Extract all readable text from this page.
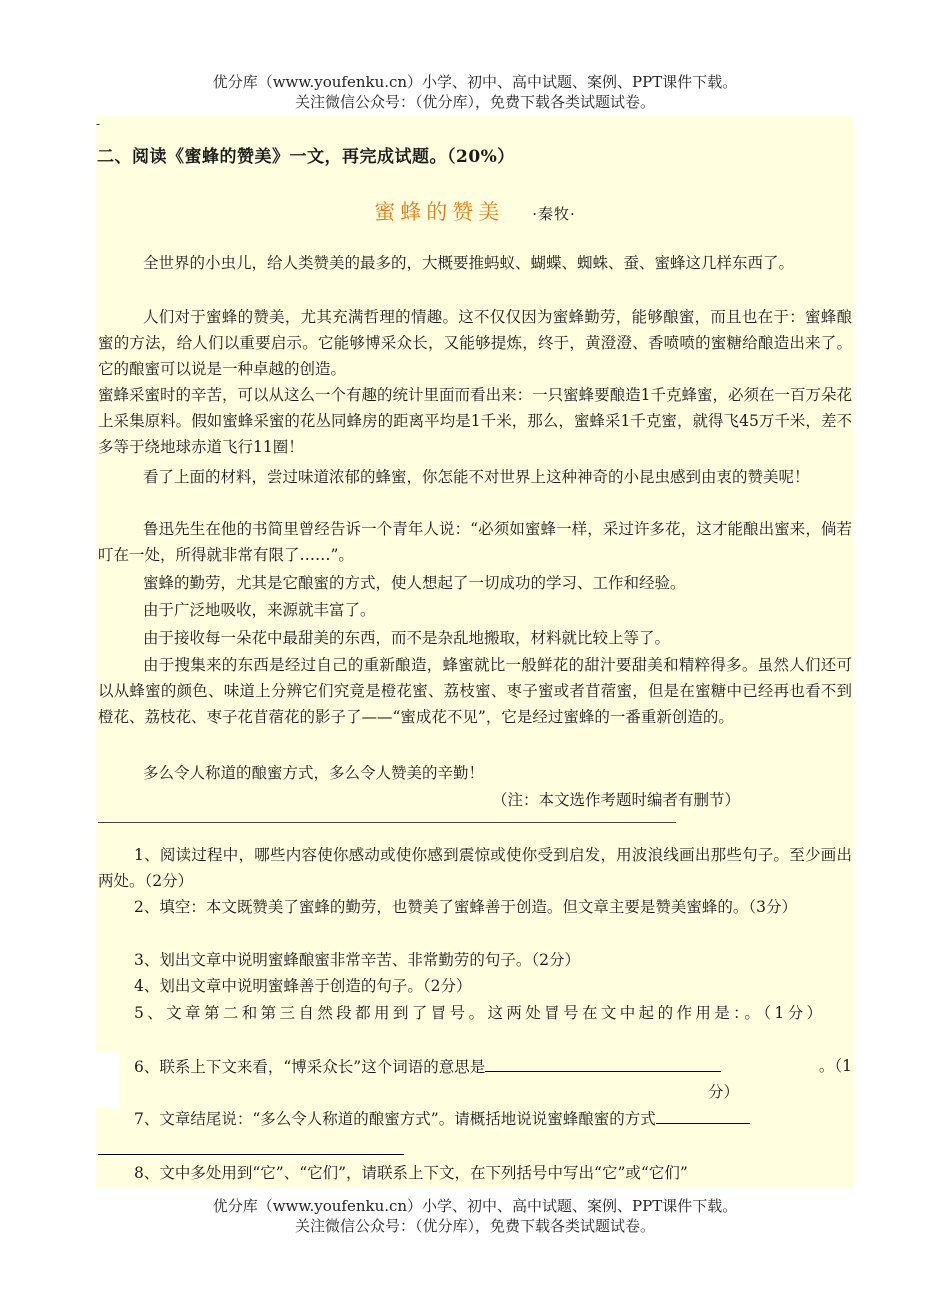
优分库（www.youfenku.cn）小学、初中、高中试题、案例、PPT课件下载。
关注微信公众号：（优分库），免费下载各类试题试卷。
-
二、阅读《蜜蜂的赞美》一文，再完成试题。（20%）
蜜蜂的赞美 ·秦牧·
全世界的小虫儿，给人类赞美的最多的，大概要推蚂蚁、蝴蝶、蜘蛛、蚕、蜜蜂这几样东西了。
人们对于蜜蜂的赞美，尤其充满哲理的情趣。这不仅仅因为蜜蜂勤劳，能够酿蜜，而且也在于：蜜蜂酿蜜的方法，给人们以重要启示。它能够博采众长，又能够提炼，终于，黄澄澄、香喷喷的蜜糖给酿造出来了。它的酿蜜可以说是一种卓越的创造。
蜜蜂采蜜时的辛苦，可以从这么一个有趣的统计里面而看出来：一只蜜蜂要酿造1千克蜂蜜，必须在一百万朵花上采集原料。假如蜜蜂采蜜的花丛同蜂房的距离平均是1千米，那么，蜜蜂采1千克蜜，就得飞45万千米，差不多等于绕地球赤道飞行11圈！
看了上面的材料，尝过味道浓郁的蜂蜜，你怎能不对世界上这种神奇的小昆虫感到由衷的赞美呢！
鲁迅先生在他的书简里曾经告诉一个青年人说：“必须如蜜蜂一样，采过许多花，这才能酿出蜜来，倘若叮在一处，所得就非常有限了……”。
蜜蜂的勤劳，尤其是它酿蜜的方式，使人想起了一切成功的学习、工作和经验。
由于广泛地吸收，来源就丰富了。
由于接收每一朵花中最甜美的东西，而不是杂乱地搬取，材料就比较上等了。
由于搜集来的东西是经过自己的重新酿造，蜂蜜就比一般鲜花的甜汁要甜美和精粹得多。虽然人们还可以从蜂蜜的颜色、味道上分辨它们究竟是橙花蜜、荔枝蜜、枣子蜜或者苜蓿蜜，但是在蜜糖中已经再也看不到橙花、荔枝花、枣子花苜蓿花的影子了——“蜜成花不见”，它是经过蜜蜂的一番重新创造的。
多么令人称道的酿蜜方式，多么令人赞美的辛勤！
（注：本文选作考题时编者有删节）
1、阅读过程中，哪些内容使你感动或使你感到震惊或使你受到启发，用波浪线画出那些句子。至少画出两处。（2分）
2、填空：本文既赞美了蜜蜂的勤劳，也赞美了蜜蜂善于创造。但文章主要是赞美蜜蜂的。（3分）
3、划出文章中说明蜜蜂酿蜜非常辛苦、非常勤劳的句子。（2分）
4、划出文章中说明蜜蜂善于创造的句子。（2分）
5、文章第二和第三自然段都用到了冒号。这两处冒号在文中起的作用是：。（1分）
6、联系上下文来看，“博采众长”这个词语的意思是	。（1
分）
7、文章结尾说：“多么令人称道的酿蜜方式”。请概括地说说蜜蜂酿蜜的方式
8、文中多处用到“它”、“它们”，请联系上下文，在下列括号中写出“它”或“它们”
优分库（www.youfenku.cn）小学、初中、高中试题、案例、PPT课件下载。
关注微信公众号：（优分库），免费下载各类试题试卷。
